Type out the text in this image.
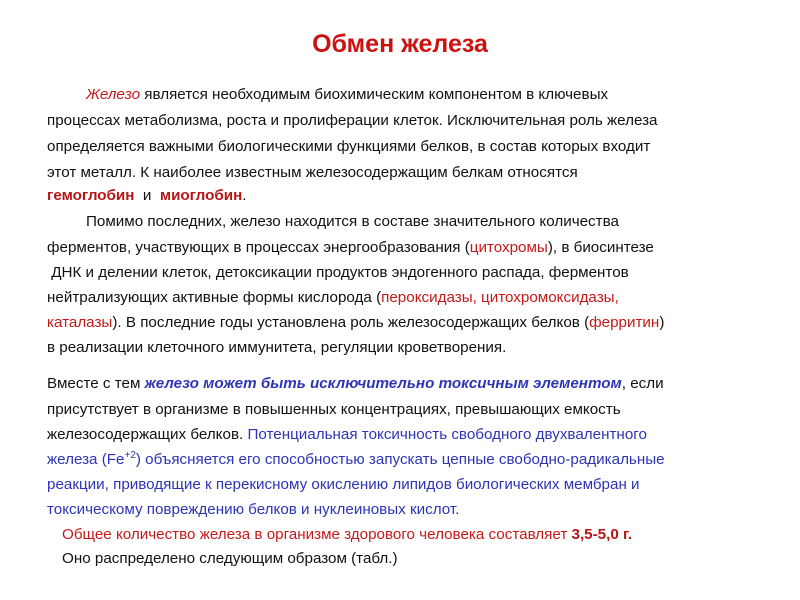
Обмен железа
Железо является необходимым биохимическим компонентом в ключевых
процессах метаболизма, роста и пролиферации клеток. Исключительная роль железа
определяется важными биологическими функциями белков, в состав которых входит
этот металл. К наиболее известным железосодержащим белкам относятся
гемоглобин  и  миоглобин.
Помимо последних, железо находится в составе значительного количества
ферментов, участвующих в процессах энергообразования (цитохромы), в биосинтезе
ДНК и делении клеток, детоксикации продуктов эндогенного распада, ферментов
нейтрализующих активные формы кислорода (пероксидазы, цитохромоксидазы,
каталазы). В последние годы установлена роль железосодержащих белков (ферритин)
в реализации клеточного иммунитета, регуляции кроветворения.
Вместе с тем железо может быть исключительно токсичным элементом, если
присутствует в организме в повышенных концентрациях, превышающих емкость
железосодержащих белков. Потенциальная токсичность свободного двухвалентного
железа $(Fe^{+2})$ объясняется его способностью запускать цепные свободно-радикальные
реакции, приводящие к перекисному окислению липидов биологических мембран и
токсическому повреждению белков и нуклеиновых кислот.
Общее количество железа в организме здорового человека составляет 3,5-5,0 г.
Оно распределено следующим образом (табл.)
